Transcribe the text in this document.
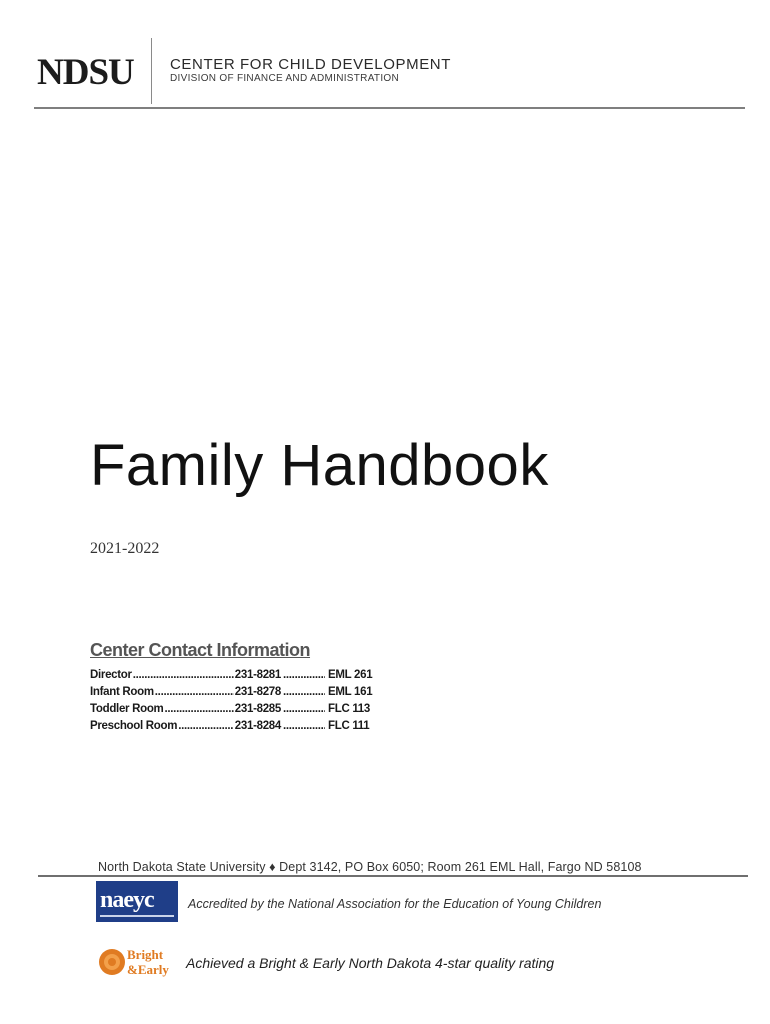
NDSU CENTER FOR CHILD DEVELOPMENT
DIVISION OF FINANCE AND ADMINISTRATION
Family Handbook
2021-2022
Center Contact Information
Director .....	231-8281 .....	EML 261
Infant Room .....	231-8278 .....	EML 161
Toddler Room .....	231-8285 .....	FLC 113
Preschool Room .....	231-8284 .....	FLC 111
North Dakota State University ♦ Dept 3142, PO Box 6050; Room 261 EML Hall, Fargo ND 58108
naeyc	Accredited by the National Association for the Education of Young Children
Bright
&Early Achieved a Bright & Early North Dakota 4-star quality rating
